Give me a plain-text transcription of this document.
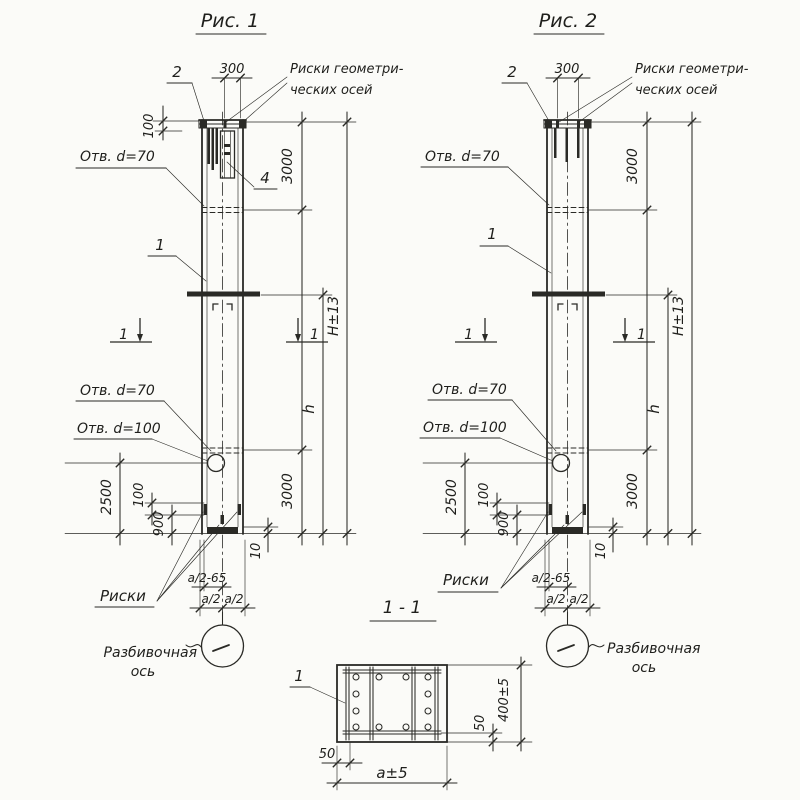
Рис. 1
2	300	Риски геометри-
ческих осей
100
Отв. d=70
4
1
Отв. d=70
Отв. d=100
Риски
1	1
3000
3000
h
H±13
2500 100
900
10
а/2-65
а/2 а/2
Разбивочная
ось
Рис. 2
2	300	Риски геометри-
ческих осей
Отв. d=70
1
Отв. d=70
Отв. d=100
Риски
1	1
3000
3000
h
H±13
2500 100
900
10
а/2-65
а/2 а/2
Разбивочная
ось
1 - 1
1
50
а±5
50
400±5
